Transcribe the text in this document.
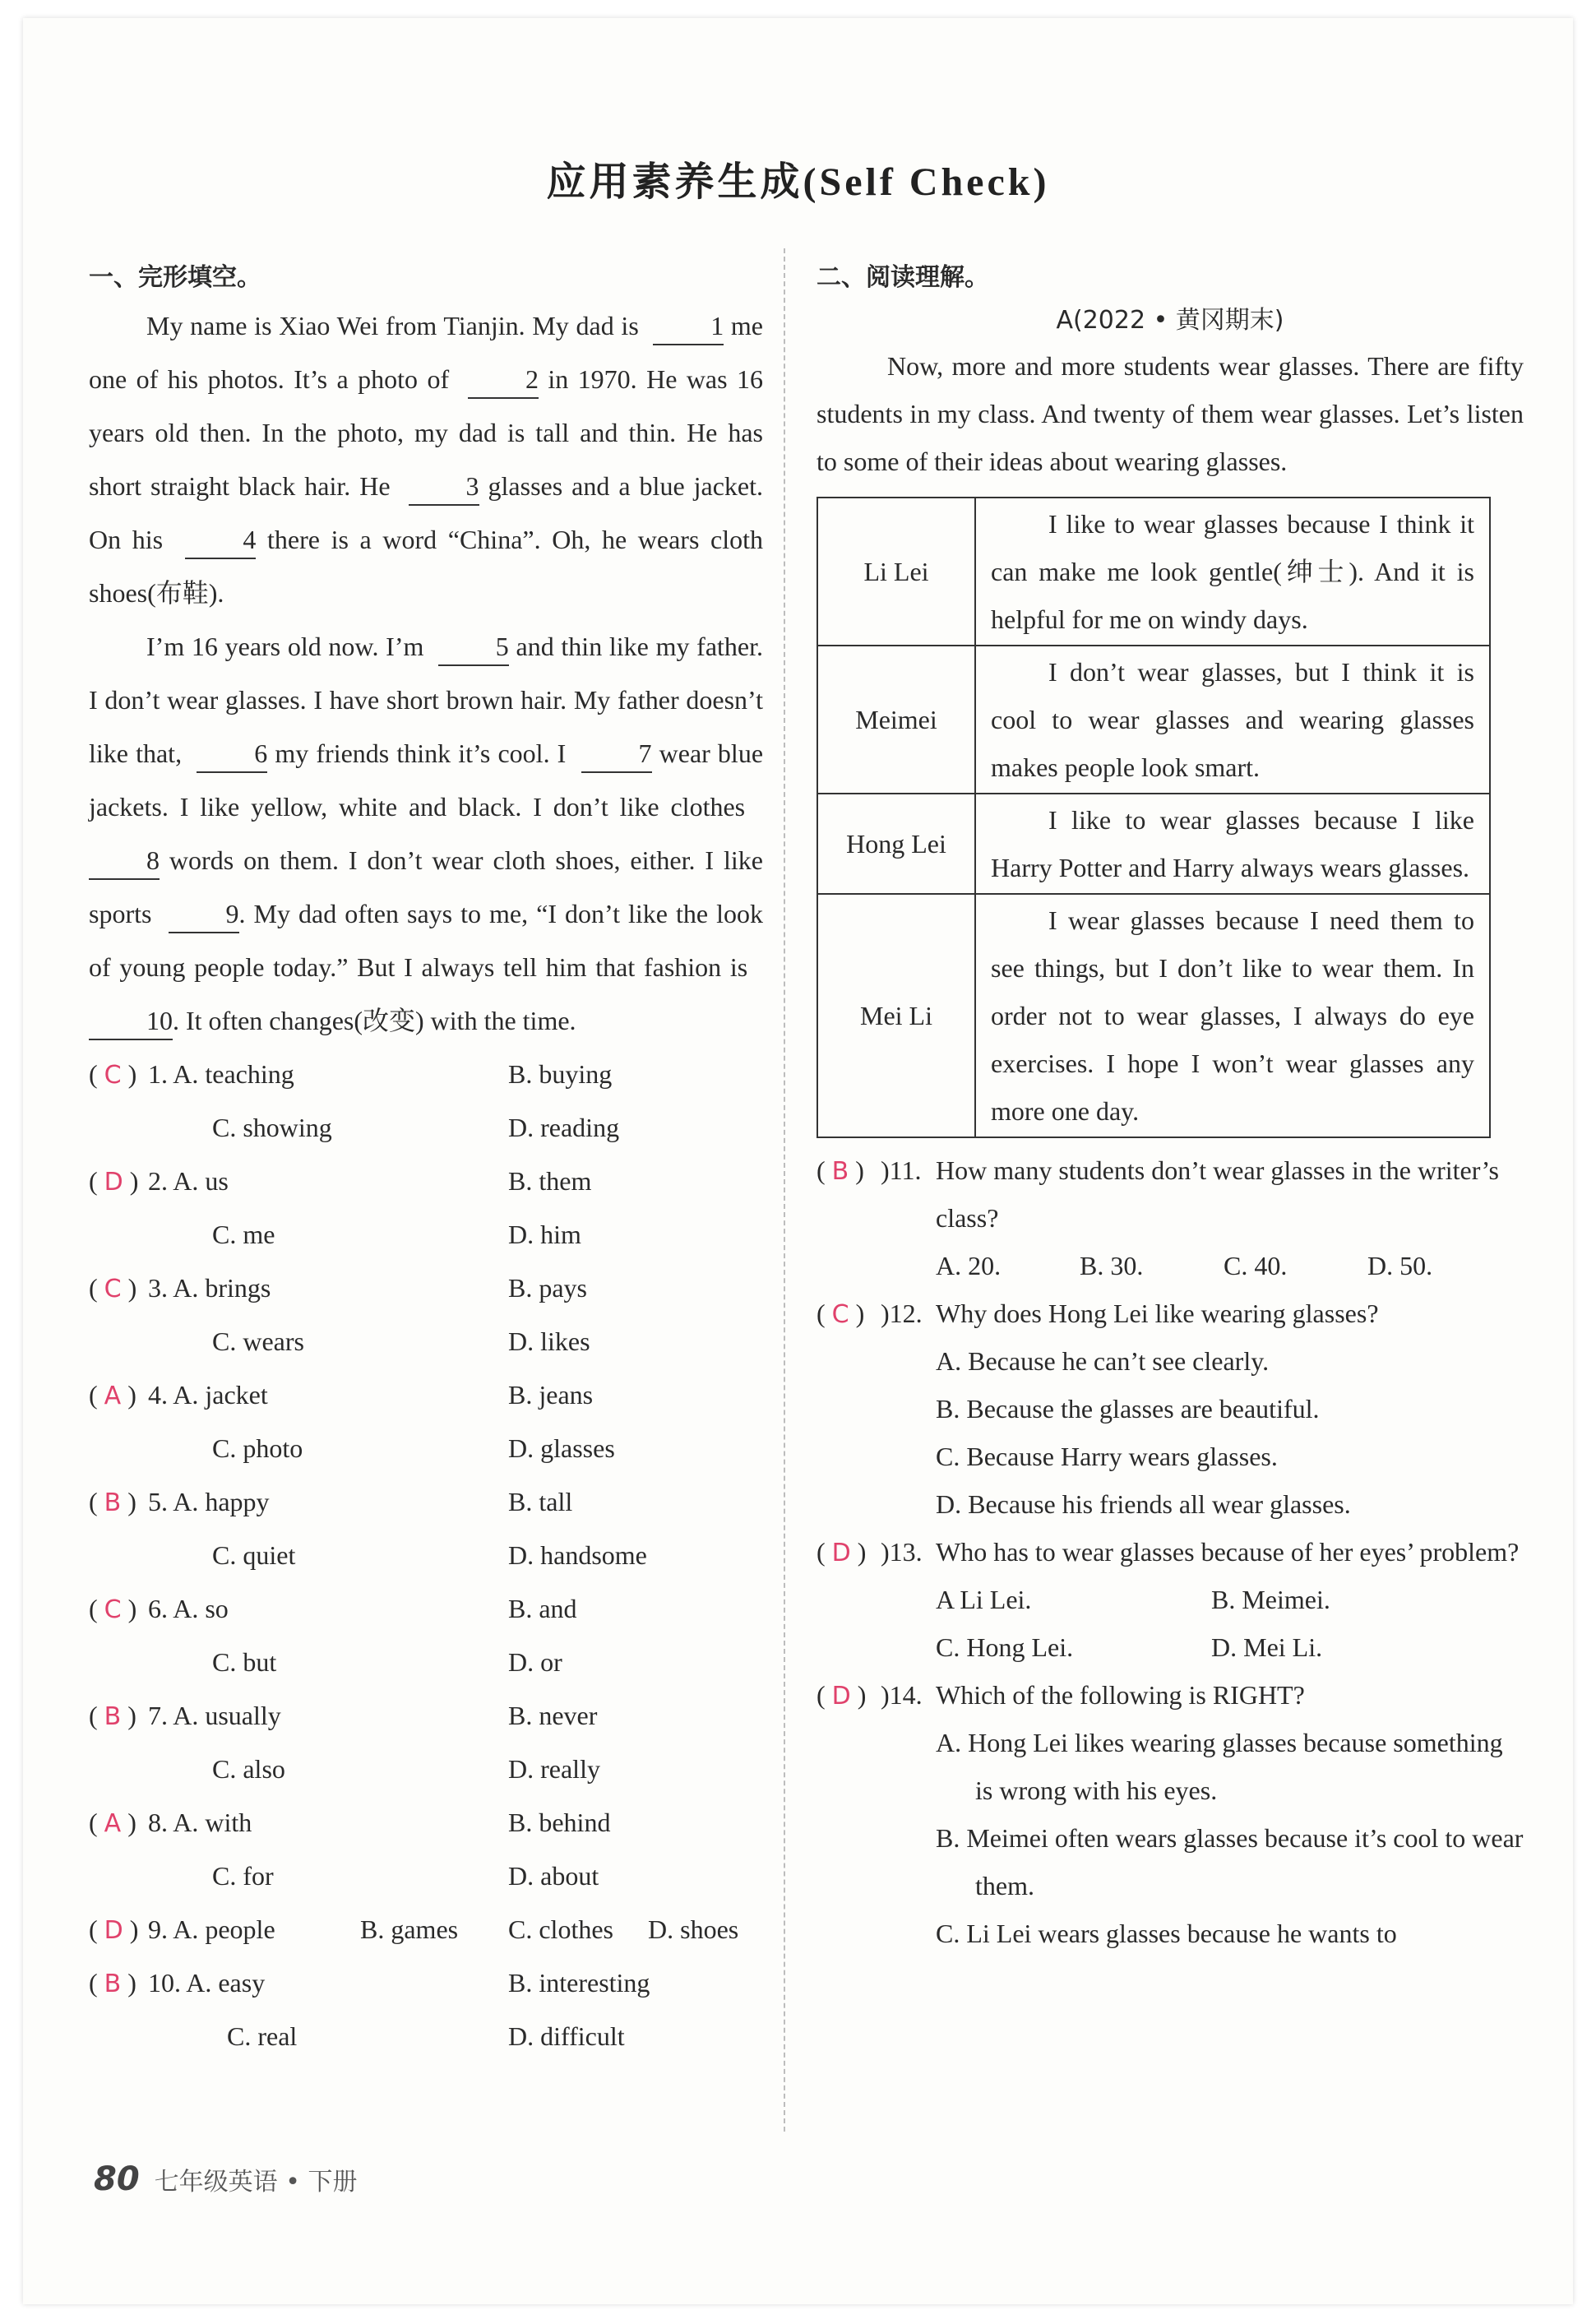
应用素养生成(Self Check)
一、完形填空。

My name is Xiao Wei from Tianjin. My dad is  1 me one of his photos. It’s a photo of	2 in 1970. He was 16 years old then. In the photo, my dad is tall and thin. He has short straight black hair. He	3 glasses and a blue jacket. On his	4 there is a word “China”. Oh, he wears cloth shoes(布鞋).

I’m 16 years old now. I’m  5 and thin like my father. I don’t wear glasses. I have short brown hair. My father doesn’t like that,  6 my friends think it’s cool. I  7 wear blue jackets. I like yellow, white and black. I don’t like clothes  8 words on them. I don’t wear cloth shoes, either. I like sports	9. My dad often says to me, “I don’t like the look of young people today.” But I always tell him that fashion is  10. It often changes(改变) with the time.

( C ) 1. A. teaching	B. buying
C. showing	D. reading
( D ) 2. A. us	B. them
C. me	D. him
( C ) 3. A. brings	B. pays
C. wears	D. likes
( A ) 4. A. jacket	B. jeans
C. photo	D. glasses
( B ) 5. A. happy	B. tall
C. quiet	D. handsome
( C ) 6. A. so	B. and
C. but	D. or
( B ) 7. A. usually	B. never
C. also	D. really
( A ) 8. A. with	B. behind
C. for	D. about
( D ) 9. A. people	B. games C. clothes D. shoes
( B ) 10. A. easy	B. interesting
C. real	D. difficult
二、阅读理解。
A(2022 • 黄冈期末)

Now, more and more students wear glasses. There are fifty students in my class. And twenty of them wear glasses. Let’s listen to some of their ideas about wearing glasses.

Li Lei	I like to wear glasses because I think it can make me look gentle(绅士). And it is helpful for me on windy days.
Meimei	I don’t wear glasses, but I think it is cool to wear glasses and wearing glasses makes people look smart.
Hong Lei	I like to wear glasses because I like Harry Potter and Harry always wears glasses.
Mei Li	I wear glasses because I need them to see things, but I don’t like to wear them. In order not to wear glasses, I always do eye exercises. I hope I won’t wear glasses any more one day.
( B ) )11. How many students don’t wear glasses in the writer’s class?
A. 20.	B. 30.	C. 40.	D. 50.
( C ) )12. Why does Hong Lei like wearing glasses?
A. Because he can’t see clearly.
B. Because the glasses are beautiful.
C. Because Harry wears glasses.
D. Because his friends all wear glasses.
( D ) )13. Who has to wear glasses because of her eyes’ problem?
A Li Lei.	B. Meimei.
C. Hong Lei.	D. Mei Li.
( D ) )14. Which of the following is RIGHT?
A. Hong Lei likes wearing glasses because something is wrong with his eyes.
B. Meimei often wears glasses because it’s cool to wear them.
C. Li Lei wears glasses because he wants to
80 七年级英语 • 下册
